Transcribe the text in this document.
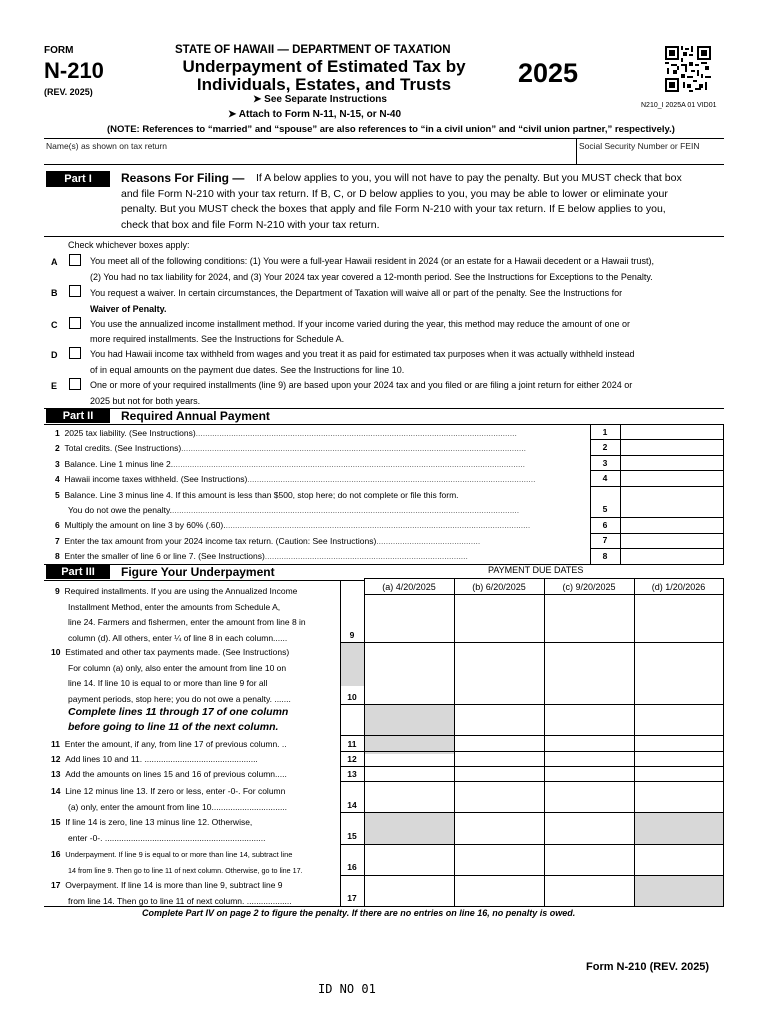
FORM
N-210
(REV. 2025)
STATE OF HAWAII — DEPARTMENT OF TAXATION
Underpayment of Estimated Tax by
Individuals, Estates, and Trusts	2025
➤ See Separate Instructions
➤ Attach to Form N-11, N-15, or N-40
N210_I 2025A 01 VID01
(NOTE: References to “married” and “spouse” are also references to “in a civil union” and “civil union partner,” respectively.)
Name(s) as shown on tax return	Social Security Number or FEIN
Part I	Reasons For Filing —	If A below applies to you, you will not have to pay the penalty. But you MUST check that box
and file Form N-210 with your tax return. If B, C, or D below applies to you, you may be able to lower or eliminate your
penalty. But you MUST check the boxes that apply and file Form N-210 with your tax return. If E below applies to you,
check that box and file Form N-210 with your tax return.
Check whichever boxes apply:
A	You meet all of the following conditions: (1) You were a full-year Hawaii resident in 2024 (or an estate for a Hawaii decedent or a Hawaii trust),
(2) You had no tax liability for 2024, and (3) Your 2024 tax year covered a 12-month period. See the Instructions for Exceptions to the Penalty.
B	You request a waiver. In certain circumstances, the Department of Taxation will waive all or part of the penalty. See the Instructions for
Waiver of Penalty.
C	You use the annualized income installment method. If your income varied during the year, this method may reduce the amount of one or
more required installments. See the Instructions for Schedule A.
D	You had Hawaii income tax withheld from wages and you treat it as paid for estimated tax purposes when it was actually withheld instead
of in equal amounts on the payment due dates. See the Instructions for line 10.
E	One or more of your required installments (line 9) are based upon your 2024 tax and you filed or are filing a joint return for either 2024 or
2025 but not for both years.
Part II	Required Annual Payment
1 2025 tax liability. (See Instructions)........................................................................................................................................
2 Total credits. (See Instructions)..................................................................................................................................................
3 Balance. Line 1 minus line 2......................................................................................................................................................
4 Hawaii income taxes withheld. (See Instructions)..........................................................................................................................
5 Balance. Line 3 minus line 4. If this amount is less than $500, stop here; do not complete or file this form.
You do not owe the penalty....................................................................................................................................................
6 Multiply the amount on line 3 by 60% (.60)..................................................................................................................................
7 Enter the tax amount from your 2024 income tax return. (Caution: See Instructions)............................................
8 Enter the smaller of line 6 or line 7. (See Instructions)......................................................................................
1
2
3
4
5
6
7
8
Part III	Figure Your Underpayment	PAYMENT DUE DATES
(a) 4/20/2025	(b) 6/20/2025	(c) 9/20/2025	(d) 1/20/2026
9 Required installments. If you are using the Annualized Income
Installment Method, enter the amounts from Schedule A,
line 24. Farmers and fishermen, enter the amount from line 8 in
column (d). All others, enter ¼ of line 8 in each column......	9
10 Estimated and other tax payments made. (See Instructions)
For column (a) only, also enter the amount from line 10 on
line 14. If line 10 is equal to or more than line 9 for all
payment periods, stop here; you do not owe a penalty. .......	10
Complete lines 11 through 17 of one column
before going to line 11 of the next column.
11 Enter the amount, if any, from line 17 of previous column. ..	11
12 Add lines 10 and 11. ................................................	12
13 Add the amounts on lines 15 and 16 of previous column.....	13
14 Line 12 minus line 13. If zero or less, enter -0-. For column
(a) only, enter the amount from line 10................................	14
15 If line 14 is zero, line 13 minus line 12. Otherwise,
enter -0-. ....................................................................	15
16 Underpayment. If line 9 is equal to or more than line 14, subtract line
14 from line 9. Then go to line 11 of next column. Otherwise, go to line 17.	16
17 Overpayment. If line 14 is more than line 9, subtract line 9
from line 14. Then go to line 11 of next column. ...................	17
Complete Part IV on page 2 to figure the penalty. If there are no entries on line 16, no penalty is owed.
Form N-210 (REV. 2025)
ID NO 01
